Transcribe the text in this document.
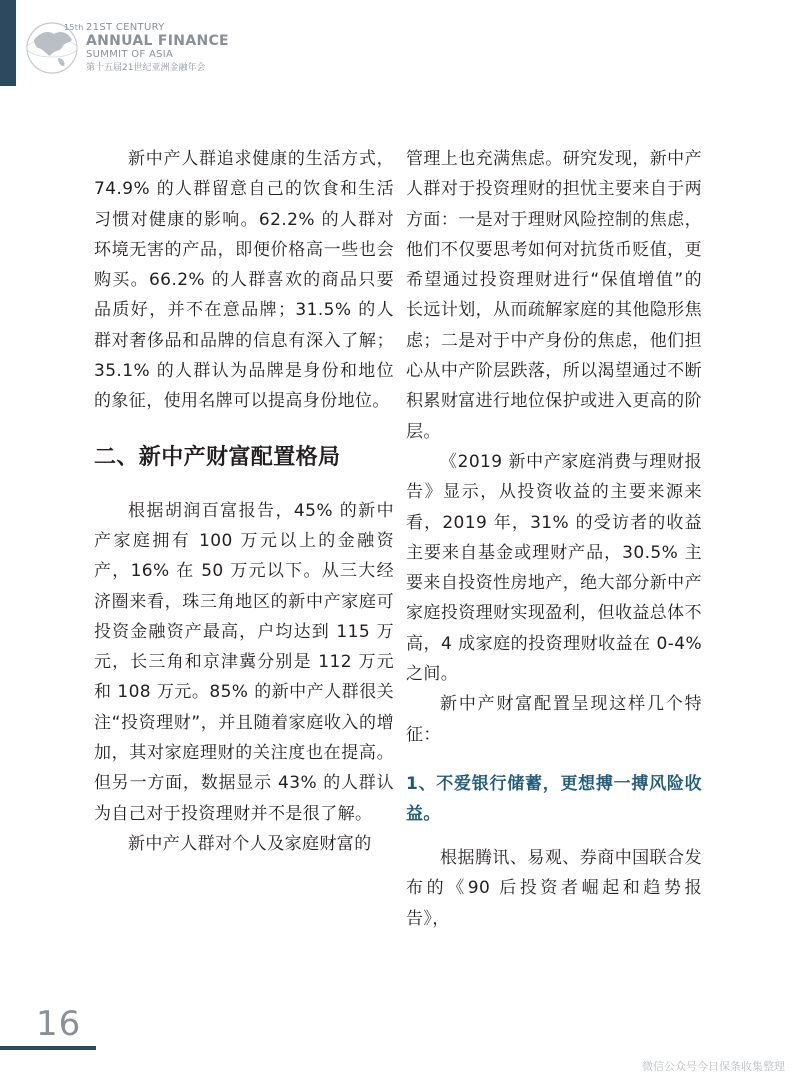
15th 21ST CENTURY
ANNUAL FINANCE
SUMMIT OF ASIA
第十五届21世纪亚洲金融年会

新中产人群追求健康的生活方式，74.9% 的人群留意自己的饮食和生活习惯对健康的影响。62.2% 的人群对环境无害的产品，即便价格高一些也会购买。66.2% 的人群喜欢的商品只要品质好，并不在意品牌；31.5% 的人群对奢侈品和品牌的信息有深入了解；35.1% 的人群认为品牌是身份和地位的象征，使用名牌可以提高身份地位。

二、新中产财富配置格局

根据胡润百富报告，45% 的新中产家庭拥有 100 万元以上的金融资产，16% 在 50 万元以下。从三大经济圈来看，珠三角地区的新中产家庭可投资金融资产最高，户均达到 115 万元，长三角和京津冀分别是 112 万元和 108 万元。85% 的新中产人群很关注“投资理财”，并且随着家庭收入的增加，其对家庭理财的关注度也在提高。但另一方面，数据显示 43% 的人群认为自己对于投资理财并不是很了解。

新中产人群对个人及家庭财富的

管理上也充满焦虑。研究发现，新中产人群对于投资理财的担忧主要来自于两方面：一是对于理财风险控制的焦虑，他们不仅要思考如何对抗货币贬值，更希望通过投资理财进行“保值增值”的长远计划，从而疏解家庭的其他隐形焦虑；二是对于中产身份的焦虑，他们担心从中产阶层跌落，所以渴望通过不断积累财富进行地位保护或进入更高的阶层。

《2019 新中产家庭消费与理财报告》显示，从投资收益的主要来源来看，2019 年，31% 的受访者的收益主要来自基金或理财产品，30.5% 主要来自投资性房地产，绝大部分新中产家庭投资理财实现盈利，但收益总体不高，4 成家庭的投资理财收益在 0-4% 之间。

新中产财富配置呈现这样几个特征：

1、不爱银行储蓄，更想搏一搏风险收益。

根据腾讯、易观、券商中国联合发布的《90 后投资者崛起和趋势报告》，

16
微信公众号今日保条收集整理
